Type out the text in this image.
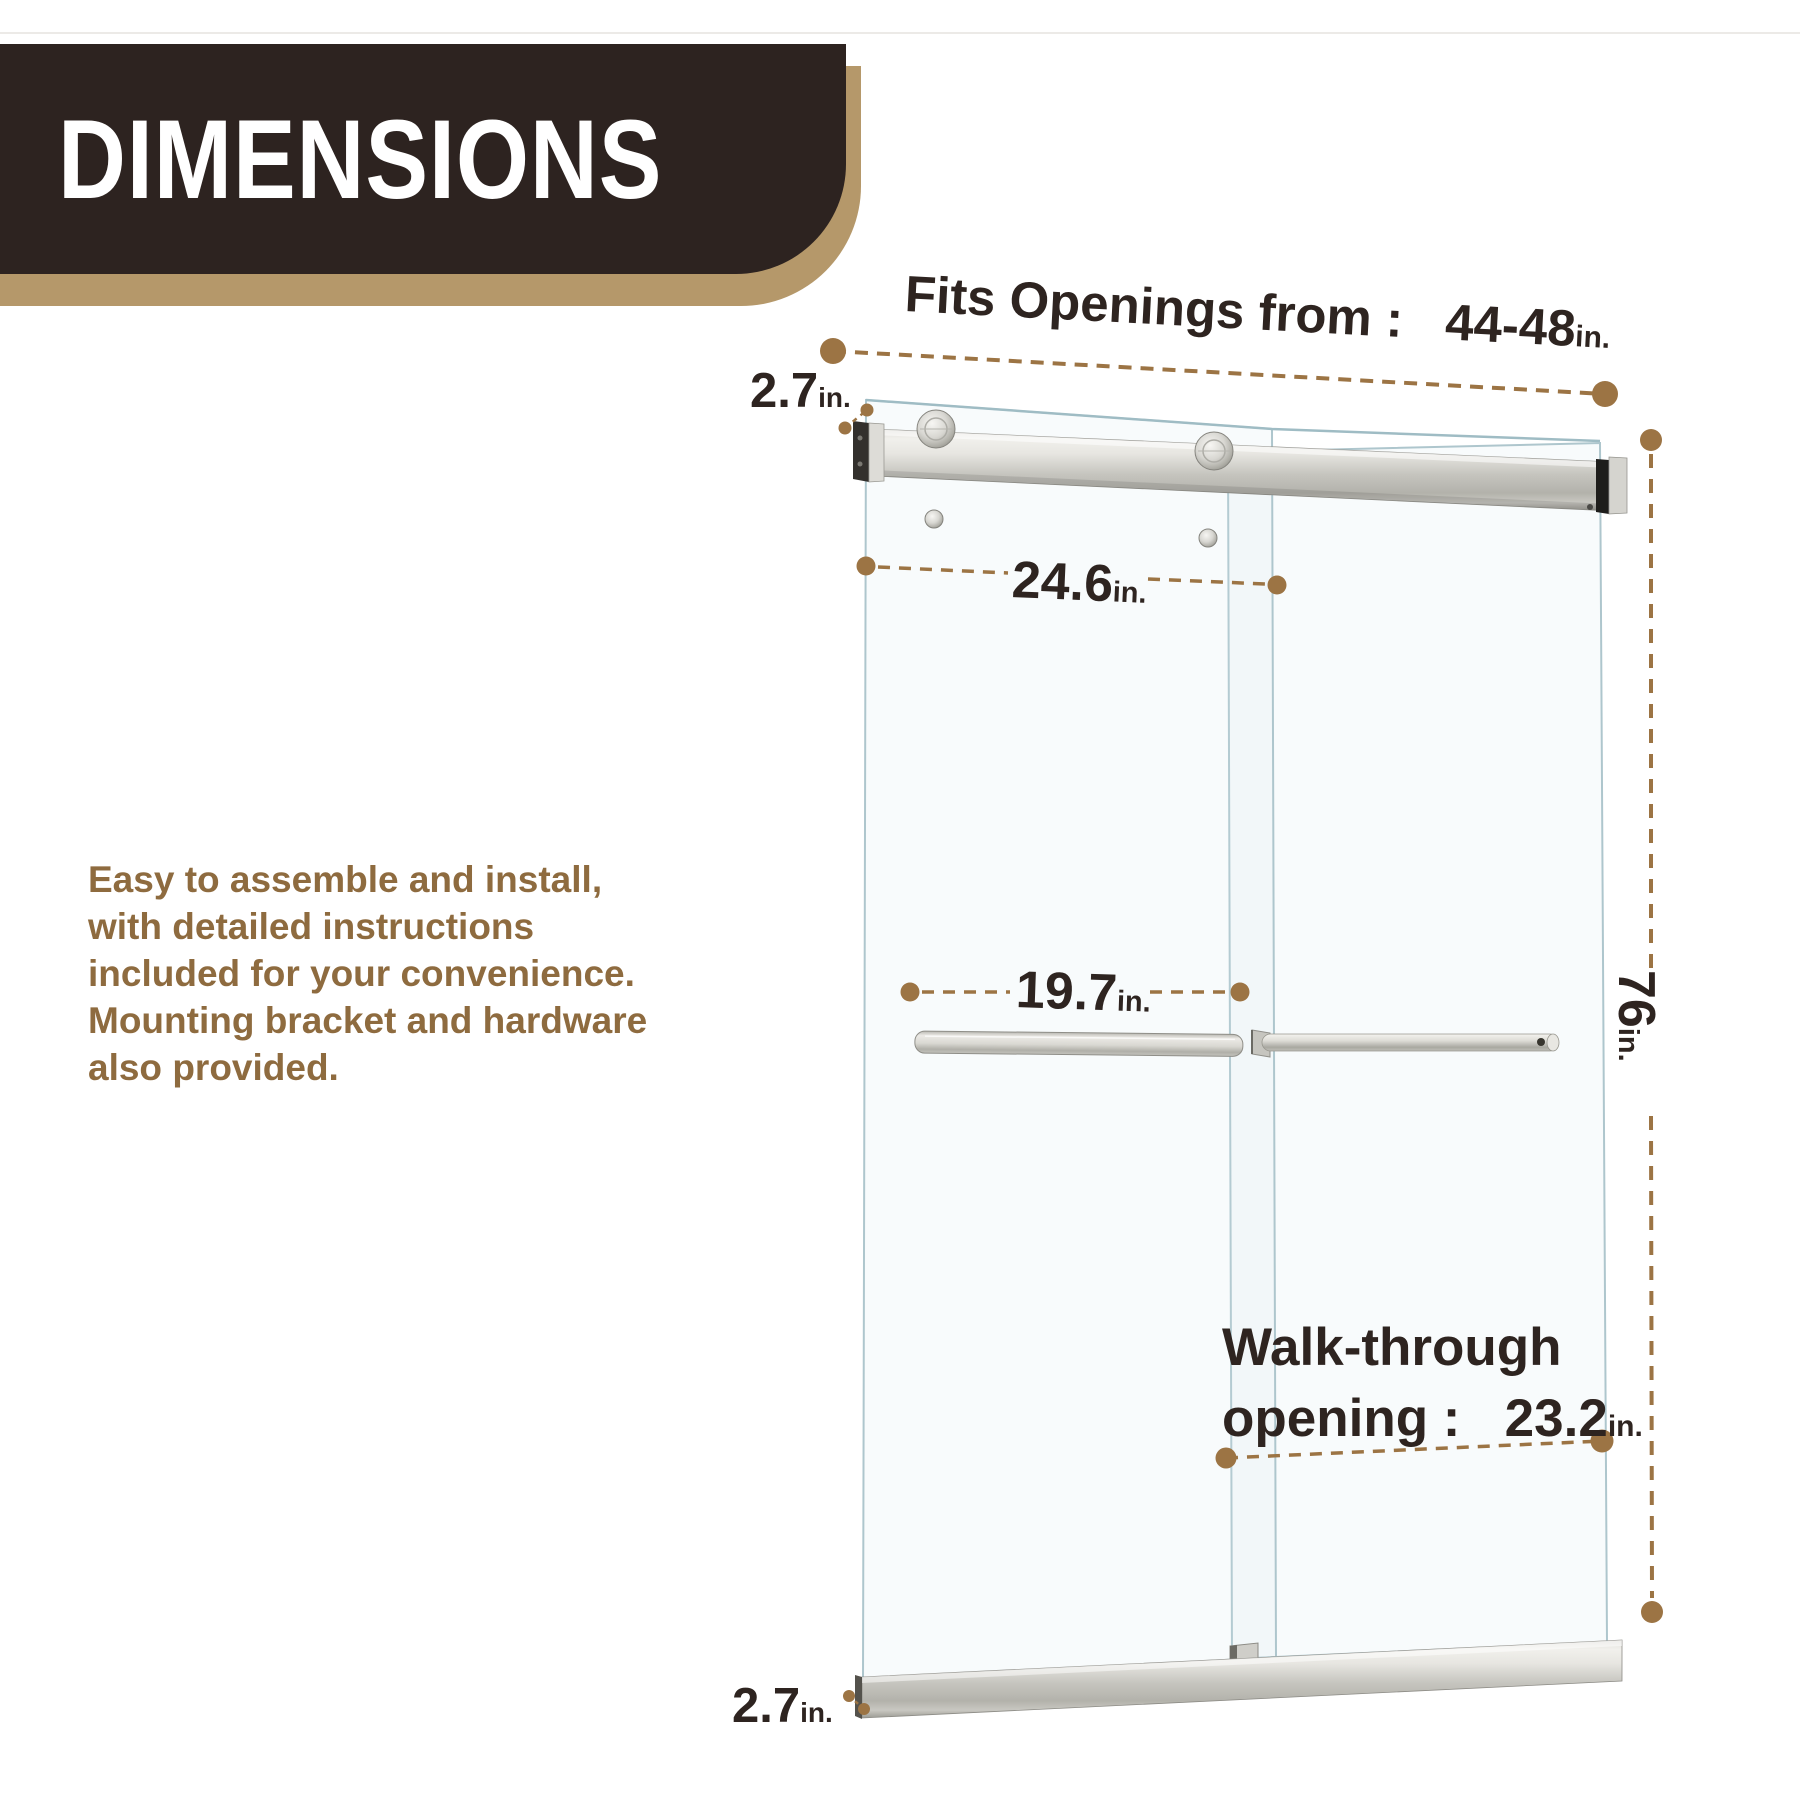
DIMENSIONS
Easy to assemble and install,
with detailed instructions
included for your convenience.
Mounting bracket and hardware
also provided.
Fits Openings from : 44-48in.
2.7in.
24.6in.
19.7in.	76in.
Walk-through
opening : 23.2in.
2.7in.
